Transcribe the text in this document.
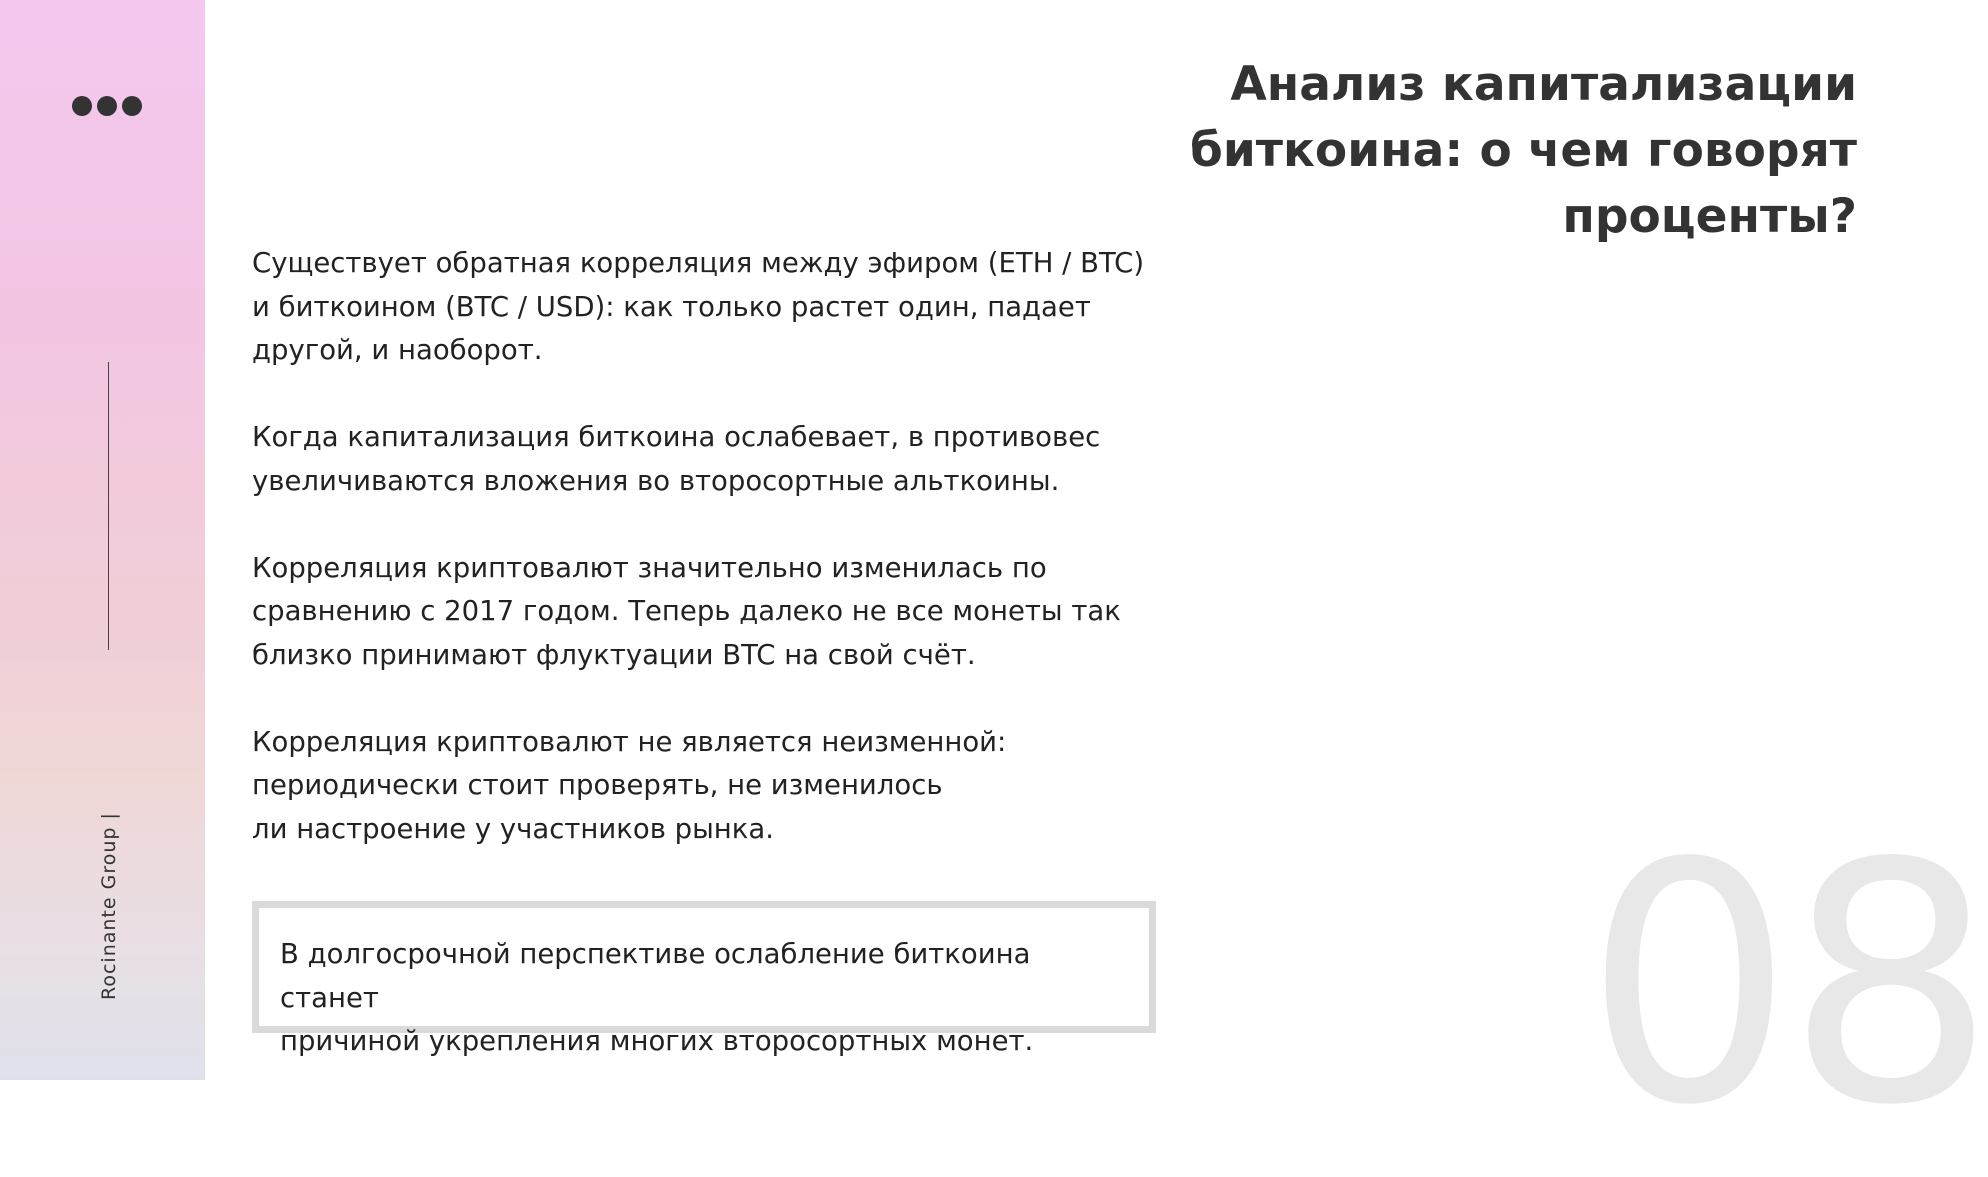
Rocinante Group |
Анализ капитализации
биткоина: о чем говорят
проценты?

Существует обратная корреляция между эфиром (ETH / BTC)
и биткоином (BTC / USD): как только растет один, падает
другой, и наоборот.

Когда капитализация биткоина ослабевает, в противовес
увеличиваются вложения во второсортные альткоины.

Корреляция криптовалют значительно изменилась по
сравнению с 2017 годом. Теперь далеко не все монеты так
близко принимают флуктуации BTC на свой счёт.

Корреляция криптовалют не является неизменной:
периодически стоит проверять, не изменилось
ли настроение у участников рынка.

В долгосрочной перспективе ослабление биткоина станет
причиной укрепления многих второсортных монет. 08
